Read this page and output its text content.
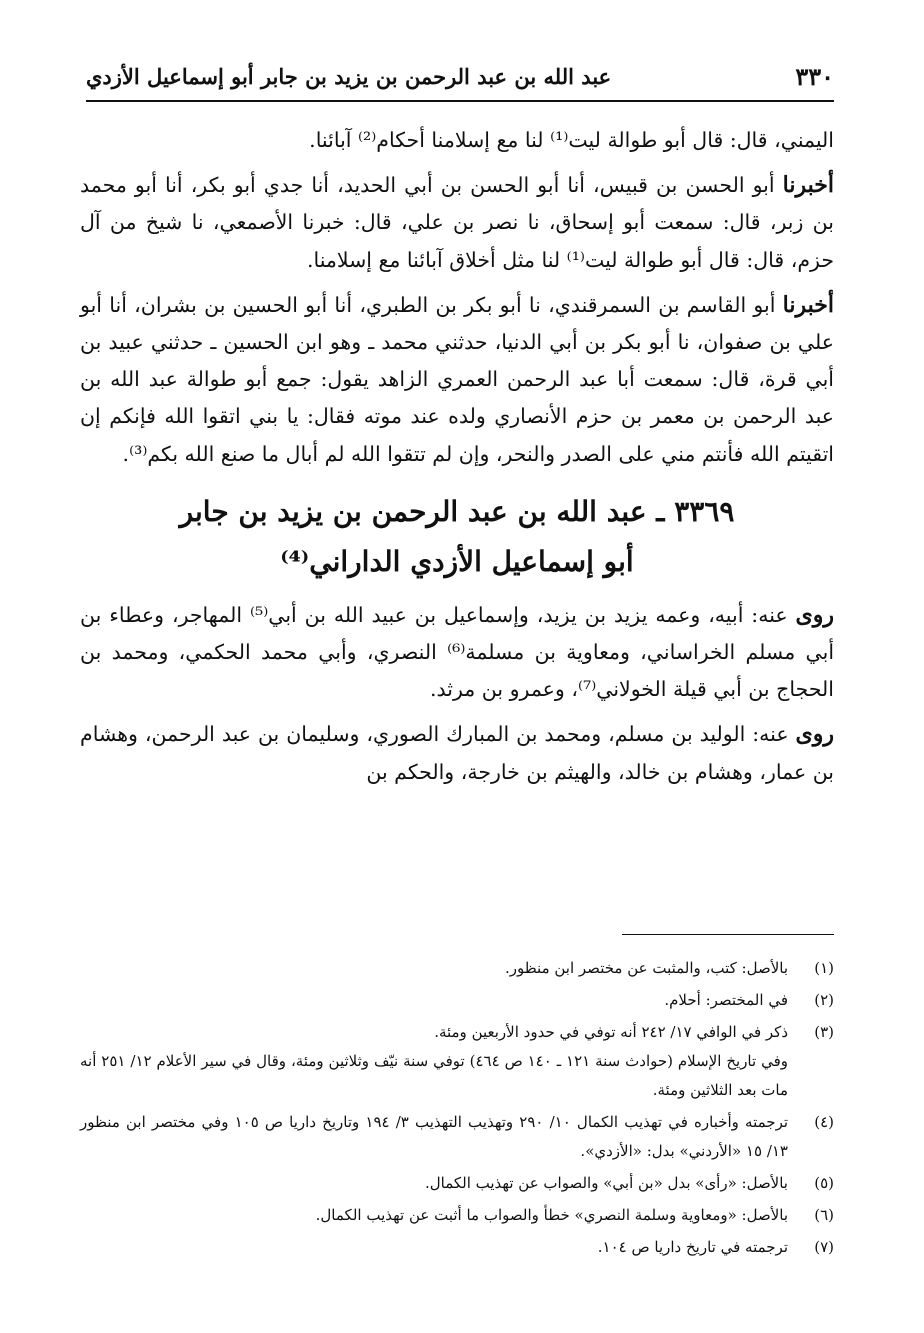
٣٣٠
عبد الله بن عبد الرحمن بن يزيد بن جابر أبو إسماعيل الأزدي

اليمني، قال: قال أبو طوالة ليت⁽¹⁾ لنا مع إسلامنا أحكام⁽²⁾ آبائنا.

أخبرنا أبو الحسن بن قبيس، أنا أبو الحسن بن أبي الحديد، أنا جدي أبو بكر، أنا أبو محمد بن زبر، قال: سمعت أبو إسحاق، نا نصر بن علي، قال: خبرنا الأصمعي، نا شيخ من آل حزم، قال: قال أبو طوالة ليت⁽¹⁾ لنا مثل أخلاق آبائنا مع إسلامنا.

أخبرنا أبو القاسم بن السمرقندي، نا أبو بكر بن الطبري، أنا أبو الحسين بن بشران، أنا أبو علي بن صفوان، نا أبو بكر بن أبي الدنيا، حدثني محمد ـ وهو ابن الحسين ـ حدثني عبيد بن أبي قرة، قال: سمعت أبا عبد الرحمن العمري الزاهد يقول: جمع أبو طوالة عبد الله بن عبد الرحمن بن معمر بن حزم الأنصاري ولده عند موته فقال: يا بني اتقوا الله فإنكم إن اتقيتم الله فأنتم مني على الصدر والنحر، وإن لم تتقوا الله لم أبال ما صنع الله بكم⁽³⁾.

٣٣٦٩ ـ عبد الله بن عبد الرحمن بن يزيد بن جابر
أبو إسماعيل الأزدي الداراني⁽⁴⁾

روى عنه: أبيه، وعمه يزيد بن يزيد، وإسماعيل بن عبيد الله بن أبي⁽⁵⁾ المهاجر، وعطاء بن أبي مسلم الخراساني، ومعاوية بن مسلمة⁽⁶⁾ النصري، وأبي محمد الحكمي، ومحمد بن الحجاج بن أبي قيلة الخولاني⁽⁷⁾، وعمرو بن مرثد.

روى عنه: الوليد بن مسلم، ومحمد بن المبارك الصوري، وسليمان بن عبد الرحمن، وهشام بن عمار، وهشام بن خالد، والهيثم بن خارجة، والحكم بن

(١)
بالأصل: كتب، والمثبت عن مختصر ابن منظور.
(٢)
في المختصر: أحلام.
(٣)
ذكر في الوافي ١٧/ ٢٤٢ أنه توفي في حدود الأربعين ومئة.
وفي تاريخ الإسلام (حوادث سنة ١٢١ ـ ١٤٠ ص ٤٦٤) توفي سنة نيّف وثلاثين ومئة، وقال في سير الأعلام ١٢/ ٢٥١ أنه مات بعد الثلاثين ومئة.
(٤)
ترجمته وأخباره في تهذيب الكمال ١٠/ ٢٩٠ وتهذيب التهذيب ٣/ ١٩٤ وتاريخ داريا ص ١٠٥ وفي مختصر ابن منظور ١٣/ ١٥ «الأردني» بدل: «الأزدي».
(٥)
بالأصل: «رأى» بدل «بن أبي» والصواب عن تهذيب الكمال.
(٦)
بالأصل: «ومعاوية وسلمة النصري» خطأ والصواب ما أثبت عن تهذيب الكمال.
(٧)
ترجمته في تاريخ داريا ص ١٠٤.
